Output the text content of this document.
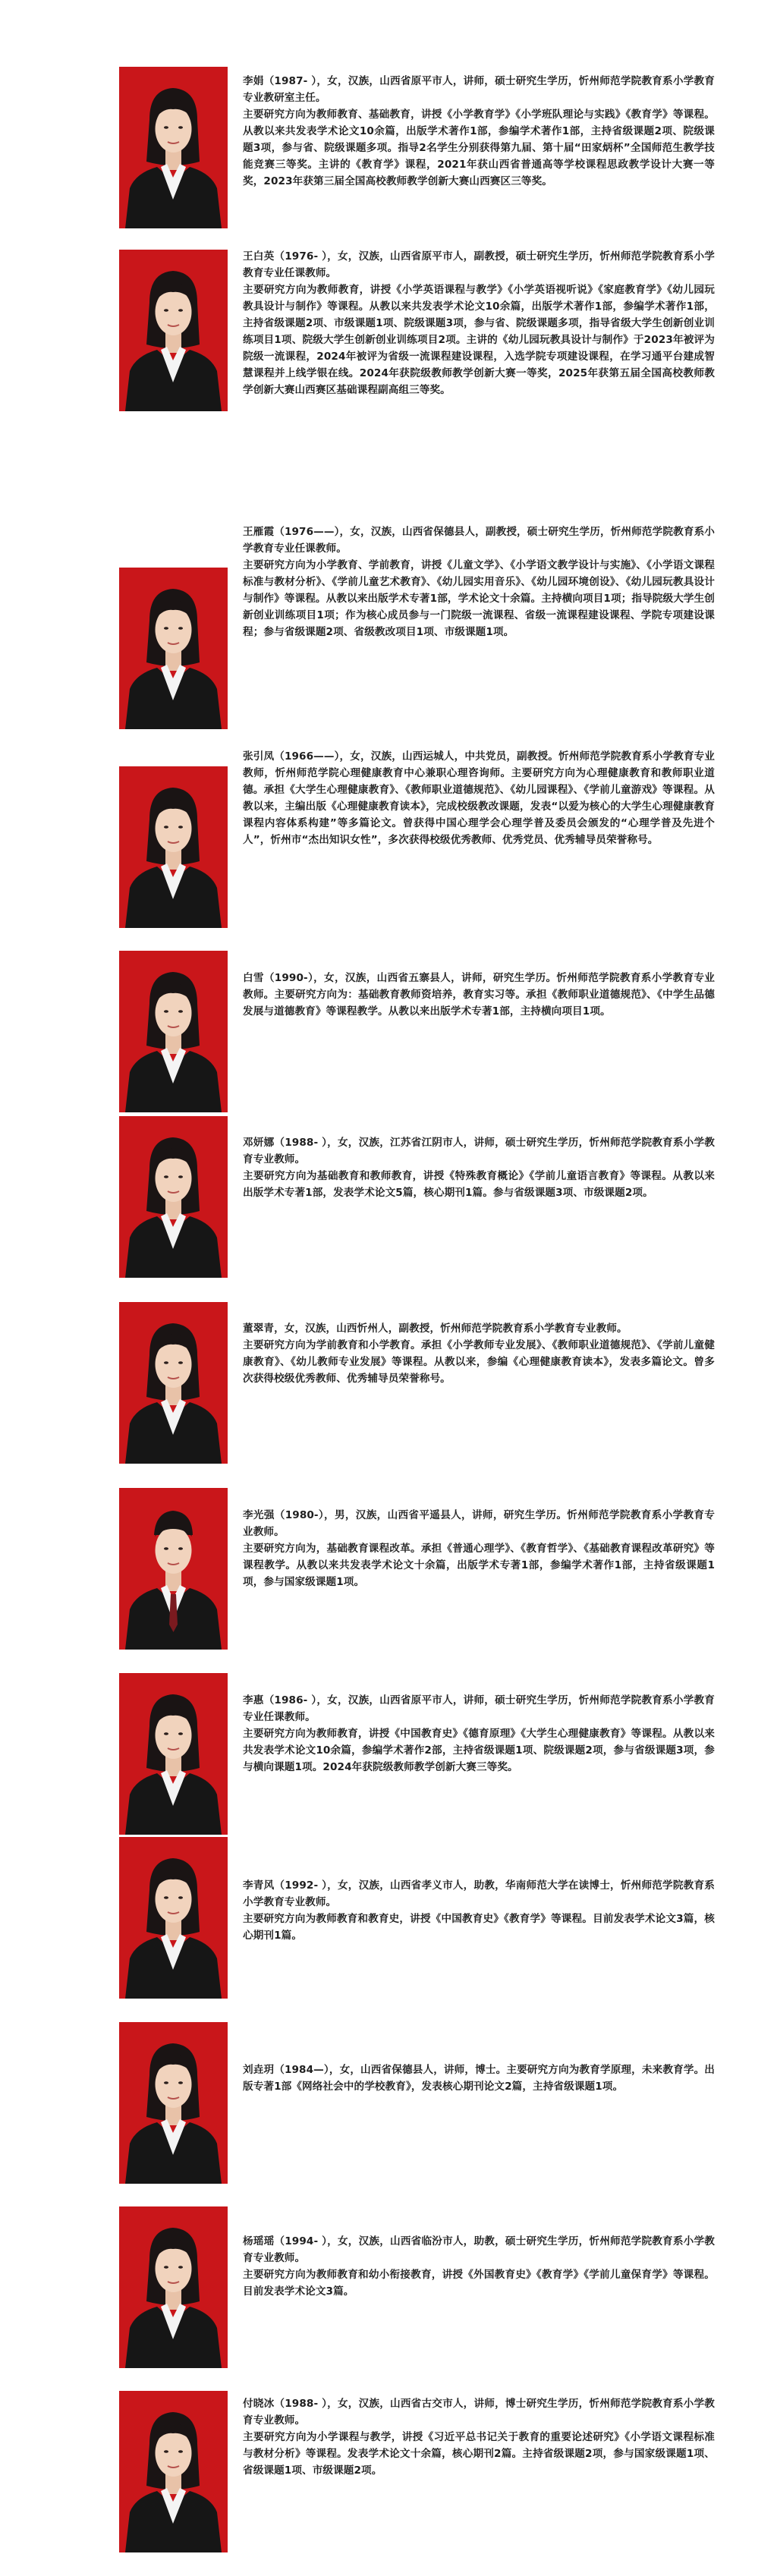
李娟（1987- ），女，汉族，山西省原平市人，讲师，硕士研究生学历，忻州师范学院教育系小学教育专业教研室主任。
主要研究方向为教师教育、基础教育，讲授《小学教育学》《小学班队理论与实践》《教育学》等课程。从教以来共发表学术论文10余篇，出版学术著作1部，参编学术著作1部，主持省级课题2项、院级课题3项，参与省、院级课题多项。指导2名学生分别获得第九届、第十届“田家炳杯”全国师范生教学技能竞赛三等奖。主讲的《教育学》课程，2021年获山西省普通高等学校课程思政教学设计大赛一等奖，2023年获第三届全国高校教师教学创新大赛山西赛区三等奖。

王白英（1976- ），女，汉族，山西省原平市人，副教授，硕士研究生学历，忻州师范学院教育系小学教育专业任课教师。
主要研究方向为教师教育，讲授《小学英语课程与教学》《小学英语视听说》《家庭教育学》《幼儿园玩教具设计与制作》等课程。从教以来共发表学术论文10余篇，出版学术著作1部，参编学术著作1部，主持省级课题2项、市级课题1项、院级课题3项，参与省、院级课题多项，指导省级大学生创新创业训练项目1项、院级大学生创新创业训练项目2项。主讲的《幼儿园玩教具设计与制作》于2023年被评为院级一流课程，2024年被评为省级一流课程建设课程，入选学院专项建设课程，在学习通平台建成智慧课程并上线学银在线。2024年获院级教师教学创新大赛一等奖，2025年获第五届全国高校教师教学创新大赛山西赛区基础课程副高组三等奖。

王雁霞（1976——），女，汉族，山西省保德县人，副教授，硕士研究生学历，忻州师范学院教育系小学教育专业任课教师。
主要研究方向为小学教育、学前教育，讲授《儿童文学》、《小学语文教学设计与实施》、《小学语文课程标准与教材分析》、《学前儿童艺术教育》、《幼儿园实用音乐》、《幼儿园环境创设》、《幼儿园玩教具设计与制作》等课程。从教以来出版学术专著1部，学术论文十余篇。主持横向项目1项；指导院级大学生创新创业训练项目1项；作为核心成员参与一门院级一流课程、省级一流课程建设课程、学院专项建设课程；参与省级课题2项、省级教改项目1项、市级课题1项。

张引凤（1966——），女，汉族，山西运城人，中共党员，副教授。忻州师范学院教育系小学教育专业教师，忻州师范学院心理健康教育中心兼职心理咨询师。主要研究方向为心理健康教育和教师职业道德。承担《大学生心理健康教育》、《教师职业道德规范》、《幼儿园课程》、《学前儿童游戏》等课程。从教以来，主编出版《心理健康教育读本》，完成校级教改课题，发表“以爱为核心的大学生心理健康教育课程内容体系构建”等多篇论文。曾获得中国心理学会心理学普及委员会颁发的“心理学普及先进个人”，忻州市“杰出知识女性”，多次获得校级优秀教师、优秀党员、优秀辅导员荣誉称号。

白雪（1990-），女，汉族，山西省五寨县人，讲师，研究生学历。忻州师范学院教育系小学教育专业教师。主要研究方向为：基础教育教师资培养，教育实习等。承担《教师职业道德规范》、《中学生品德发展与道德教育》等课程教学。从教以来出版学术专著1部，主持横向项目1项。

邓妍娜（1988- ），女，汉族，江苏省江阴市人，讲师，硕士研究生学历，忻州师范学院教育系小学教育专业教师。
主要研究方向为基础教育和教师教育，讲授《特殊教育概论》《学前儿童语言教育》等课程。从教以来出版学术专著1部，发表学术论文5篇，核心期刊1篇。参与省级课题3项、市级课题2项。

董翠青，女，汉族，山西忻州人，副教授，忻州师范学院教育系小学教育专业教师。
主要研究方向为学前教育和小学教育。承担《小学教师专业发展》、《教师职业道德规范》、《学前儿童健康教育》、《幼儿教师专业发展》等课程。从教以来，参编《心理健康教育读本》，发表多篇论文。曾多次获得校级优秀教师、优秀辅导员荣誉称号。

李光强（1980-），男，汉族，山西省平遥县人，讲师，研究生学历。忻州师范学院教育系小学教育专业教师。
主要研究方向为，基础教育课程改革。承担《普通心理学》、《教育哲学》、《基础教育课程改革研究》等课程教学。从教以来共发表学术论文十余篇，出版学术专著1部，参编学术著作1部，主持省级课题1项，参与国家级课题1项。

李惠（1986- ），女，汉族，山西省原平市人，讲师，硕士研究生学历，忻州师范学院教育系小学教育专业任课教师。
主要研究方向为教师教育，讲授《中国教育史》《德育原理》《大学生心理健康教育》等课程。从教以来共发表学术论文10余篇，参编学术著作2部，主持省级课题1项、院级课题2项，参与省级课题3项，参与横向课题1项。2024年获院级教师教学创新大赛三等奖。

李青风（1992- ），女，汉族，山西省孝义市人，助教，华南师范大学在读博士，忻州师范学院教育系小学教育专业教师。
主要研究方向为教师教育和教育史，讲授《中国教育史》《教育学》等课程。目前发表学术论文3篇，核心期刊1篇。

刘垚玥（1984—），女，山西省保德县人，讲师，博士。主要研究方向为教育学原理，未来教育学。出版专著1部《网络社会中的学校教育》，发表核心期刊论文2篇，主持省级课题1项。

杨瑶瑶（1994- ），女，汉族，山西省临汾市人，助教，硕士研究生学历，忻州师范学院教育系小学教育专业教师。
主要研究方向为教师教育和幼小衔接教育，讲授《外国教育史》《教育学》《学前儿童保育学》等课程。目前发表学术论文3篇。

付晓冰（1988- ），女，汉族，山西省古交市人，讲师，博士研究生学历，忻州师范学院教育系小学教育专业教师。
主要研究方向为小学课程与教学，讲授《习近平总书记关于教育的重要论述研究》《小学语文课程标准与教材分析》等课程。发表学术论文十余篇，核心期刊2篇。主持省级课题2项，参与国家级课题1项、省级课题1项、市级课题2项。
